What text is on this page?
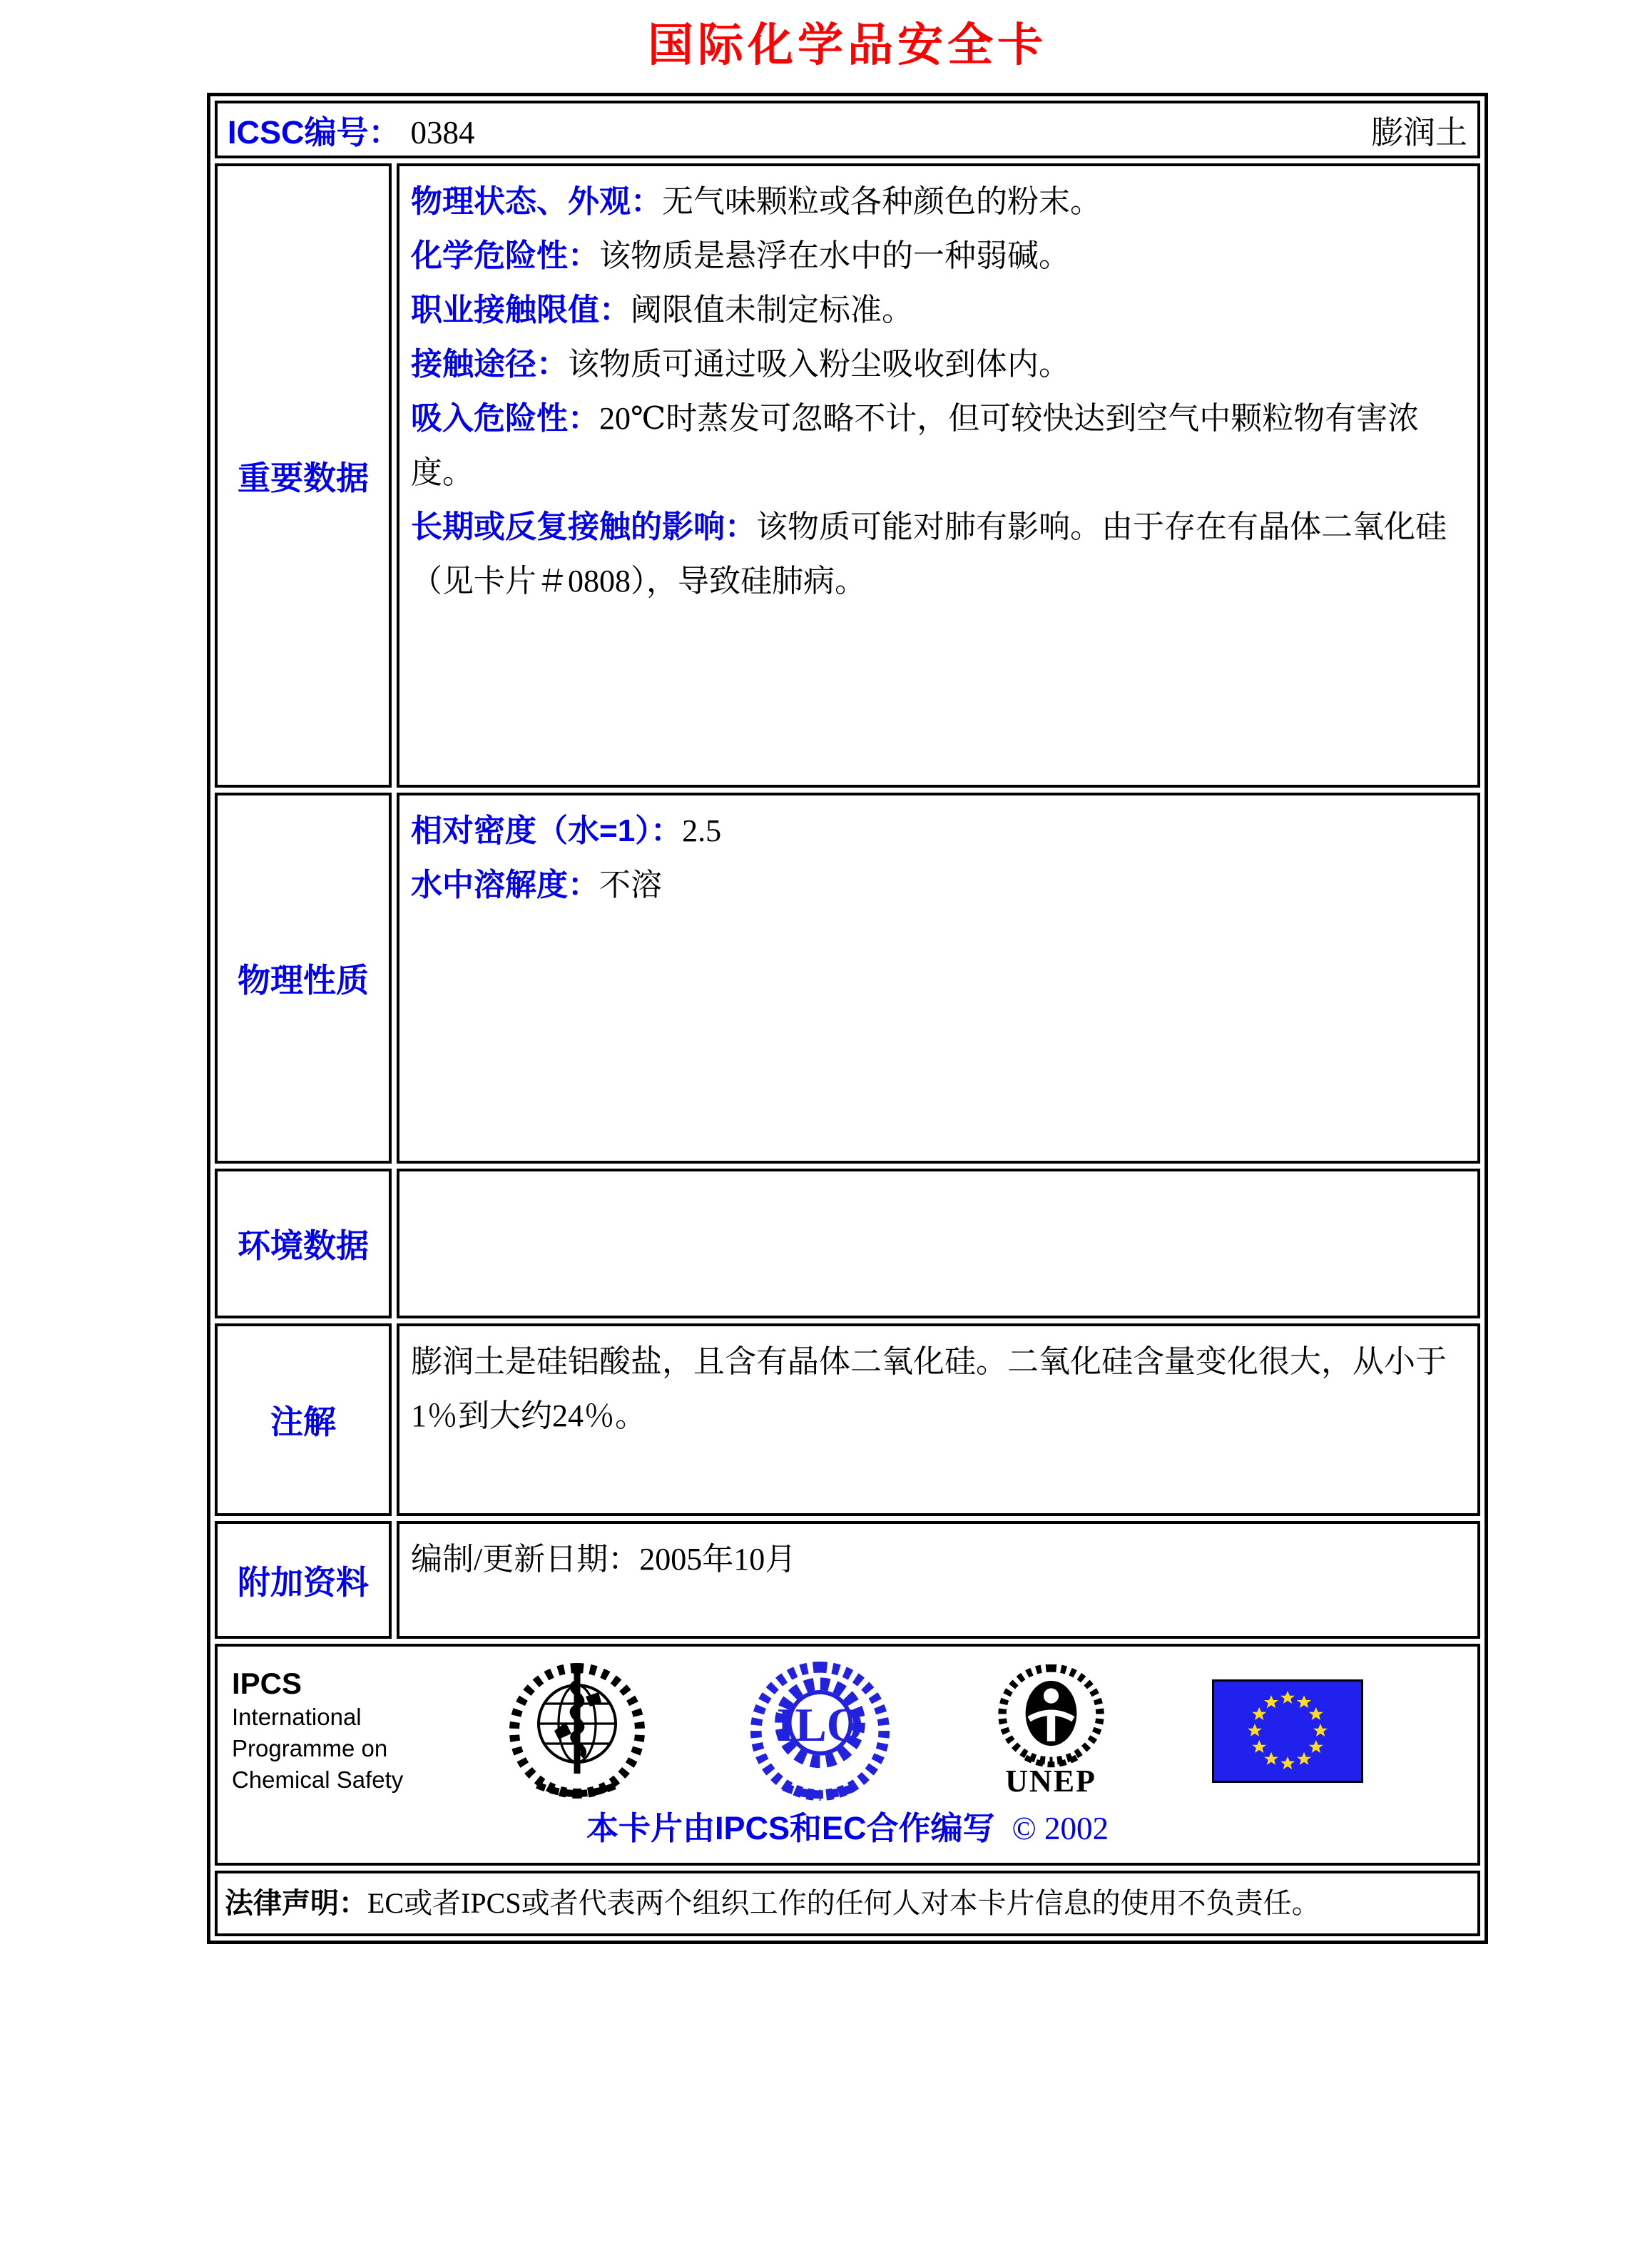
国际化学品安全卡
ICSC编号： 0384	膨润土
重要数据

物理状态、外观：无气味颗粒或各种颜色的粉末。

化学危险性：该物质是悬浮在水中的一种弱碱。

职业接触限值：阈限值未制定标准。

接触途径：该物质可通过吸入粉尘吸收到体内。

吸入危险性：20℃时蒸发可忽略不计，但可较快达到空气中颗粒物有害浓度。

长期或反复接触的影响：该物质可能对肺有影响。由于存在有晶体二氧化硅（见卡片＃0808），导致硅肺病。

物理性质

相对密度（水=1）：2.5

水中溶解度：不溶

环境数据
注解

膨润土是硅铝酸盐，且含有晶体二氧化硅。二氧化硅含量变化很大，从小于1％到大约24％。

附加资料

编制/更新日期：2005年10月

IPCS
International
Programme on
Chemical Safety
ILO
UNEP
本卡片由IPCS和EC合作编写 © 2002
法律声明： EC或者IPCS或者代表两个组织工作的任何人对本卡片信息的使用不负责任。
